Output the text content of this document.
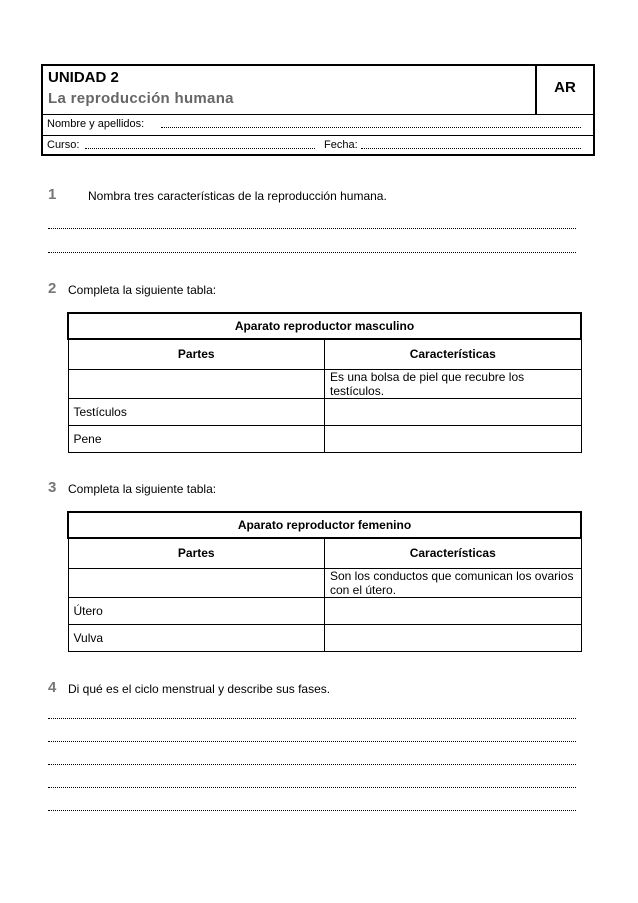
UNIDAD 2
La reproducción humana
AR
Nombre y apellidos:
Curso:	Fecha:
1	Nombra tres características de la reproducción humana.
2 Completa la siguiente tabla:
Aparato reproductor masculino	
Partes	Características
	Es una bolsa de piel que recubre los testículos.
Testículos	
Pene	
3 Completa la siguiente tabla:
Aparato reproductor femenino	
Partes	Características
	Son los conductos que comunican los ovarios con el útero.
Útero	
Vulva	
4 Di qué es el ciclo menstrual y describe sus fases.
